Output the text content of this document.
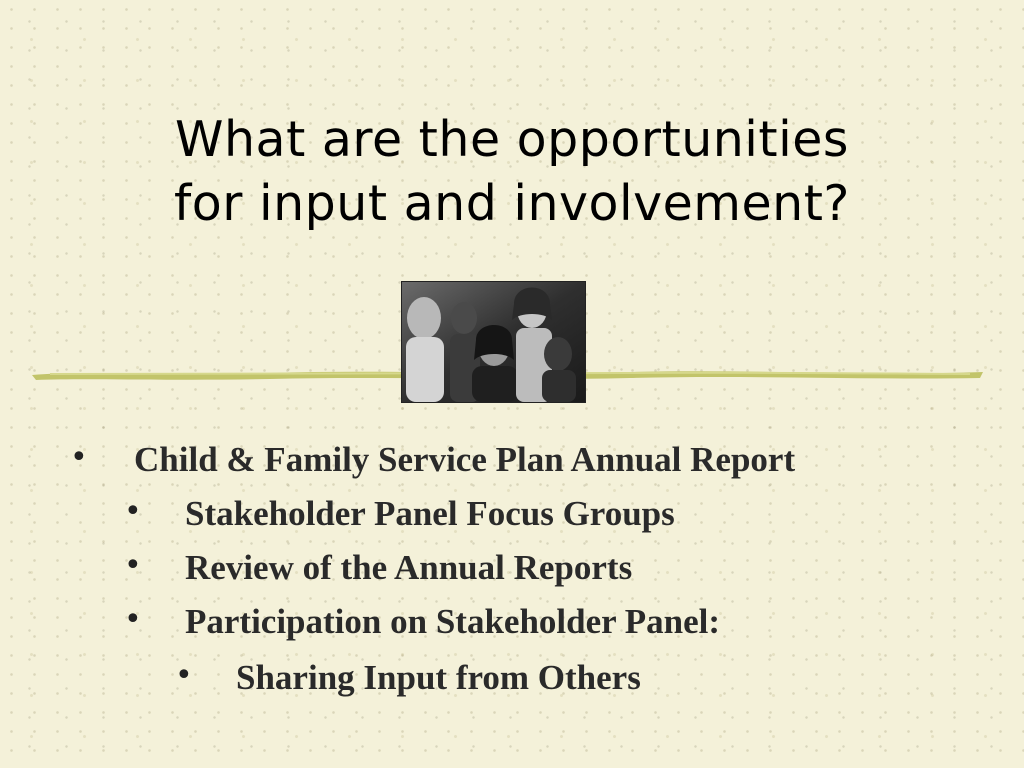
What are the opportunities
for input and involvement?
• Child & Family Service Plan Annual Report
• Stakeholder Panel Focus Groups
• Review of the Annual Reports
• Participation on Stakeholder Panel:
• Sharing Input from Others
